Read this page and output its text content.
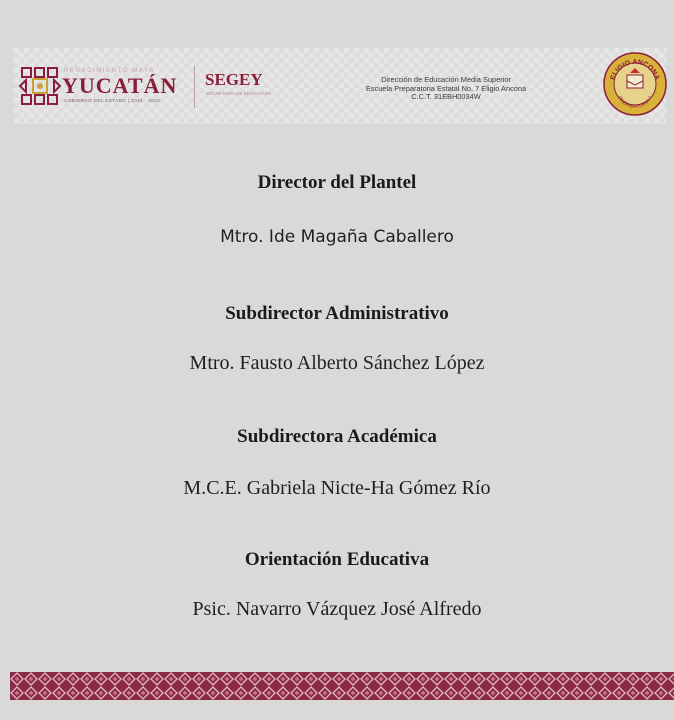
RENACIMIENTO MAYA
YUCATÁN
GOBIERNO DEL ESTADO | 2024 - 2030
SEGEY
SECRETARÍA DE EDUCACIÓN
Dirección de Educación Media Superior
Escuela Preparatoria Estatal No. 7 Eligio Ancona
C.C.T. 31EBH0034W
ELIGIO ANCONA
PREPARATORIA 7
Director del Plantel
Mtro. Ide Magaña Caballero
Subdirector Administrativo
Mtro. Fausto Alberto Sánchez López
Subdirectora Académica
M.C.E. Gabriela Nicte-Ha Gómez Río
Orientación Educativa
Psic. Navarro Vázquez José Alfredo
